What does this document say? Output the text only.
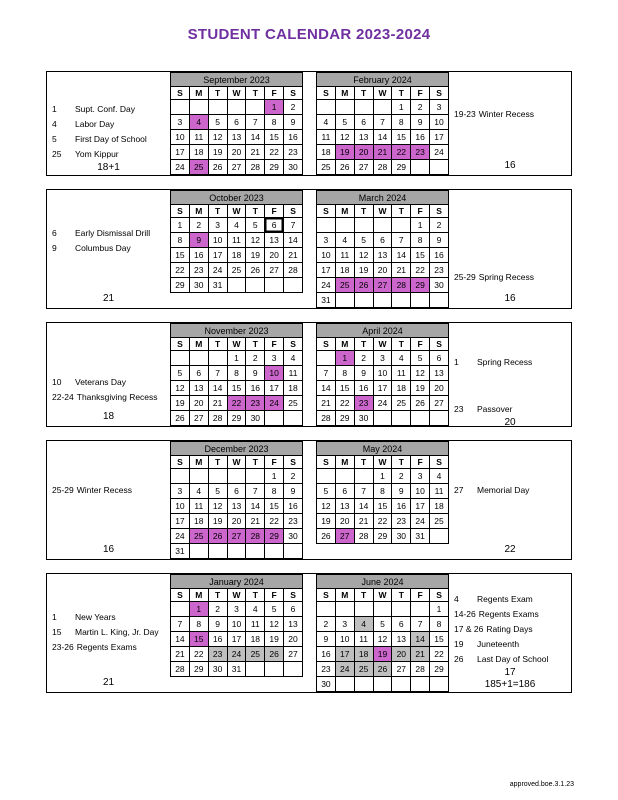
STUDENT CALENDAR 2023-2024
1	Supt. Conf. Day
4	Labor Day
5	First Day of School
25	Yom Kippur
18+1
September 2023						
S	M	T	W	T	F	S
					1	2
3	4	5	6	7	8	9
10	11	12	13	14	15	16
17	18	19	20	21	22	23
24	25	26	27	28	29	30
February 2024						
S	M	T	W	T	F	S
				1	2	3
4	5	6	7	8	9	10
11	12	13	14	15	16	17
18	19	20	21	22	23	24
25	26	27	28	29		
19-23 Winter Recess
16
6	Early Dismissal Drill
9	Columbus Day
21
October 2023						
S	M	T	W	T	F	S
1	2	3	4	5	6	7
8	9	10	11	12	13	14
15	16	17	18	19	20	21
22	23	24	25	26	27	28
29	30	31				
March 2024						
S	M	T	W	T	F	S
					1	2
3	4	5	6	7	8	9
10	11	12	13	14	15	16
17	18	19	20	21	22	23
24	25	26	27	28	29	30
31						
25-29 Spring Recess
16
10	Veterans Day
22-24 Thanksgiving Recess
18
November 2023						
S	M	T	W	T	F	S
			1	2	3	4
5	6	7	8	9	10	11
12	13	14	15	16	17	18
19	20	21	22	23	24	25
26	27	28	29	30		
April 2024						
S	M	T	W	T	F	S
	1	2	3	4	5	6
7	8	9	10	11	12	13
14	15	16	17	18	19	20
21	22	23	24	25	26	27
28	29	30				
1	Spring Recess
23	Passover
20
25-29 Winter Recess
16
December 2023						
S	M	T	W	T	F	S
					1	2
3	4	5	6	7	8	9
10	11	12	13	14	15	16
17	18	19	20	21	22	23
24	25	26	27	28	29	30
31						
May 2024						
S	M	T	W	T	F	S
			1	2	3	4
5	6	7	8	9	10	11
12	13	14	15	16	17	18
19	20	21	22	23	24	25
26	27	28	29	30	31	
27	Memorial Day
22
1	New Years
15	Martin L. King, Jr. Day
23-26 Regents Exams
21
January 2024						
S	M	T	W	T	F	S
	1	2	3	4	5	6
7	8	9	10	11	12	13
14	15	16	17	18	19	20
21	22	23	24	25	26	27
28	29	30	31			
June 2024						
S	M	T	W	T	F	S
						1
2	3	4	5	6	7	8
9	10	11	12	13	14	15
16	17	18	19	20	21	22
23	24	25	26	27	28	29
30						
4	Regents Exam
14-26 Regents Exams
17 & 26 Rating Days
19	Juneteenth
26	Last Day of School
17
185+1=186
approved.boe.3.1.23
